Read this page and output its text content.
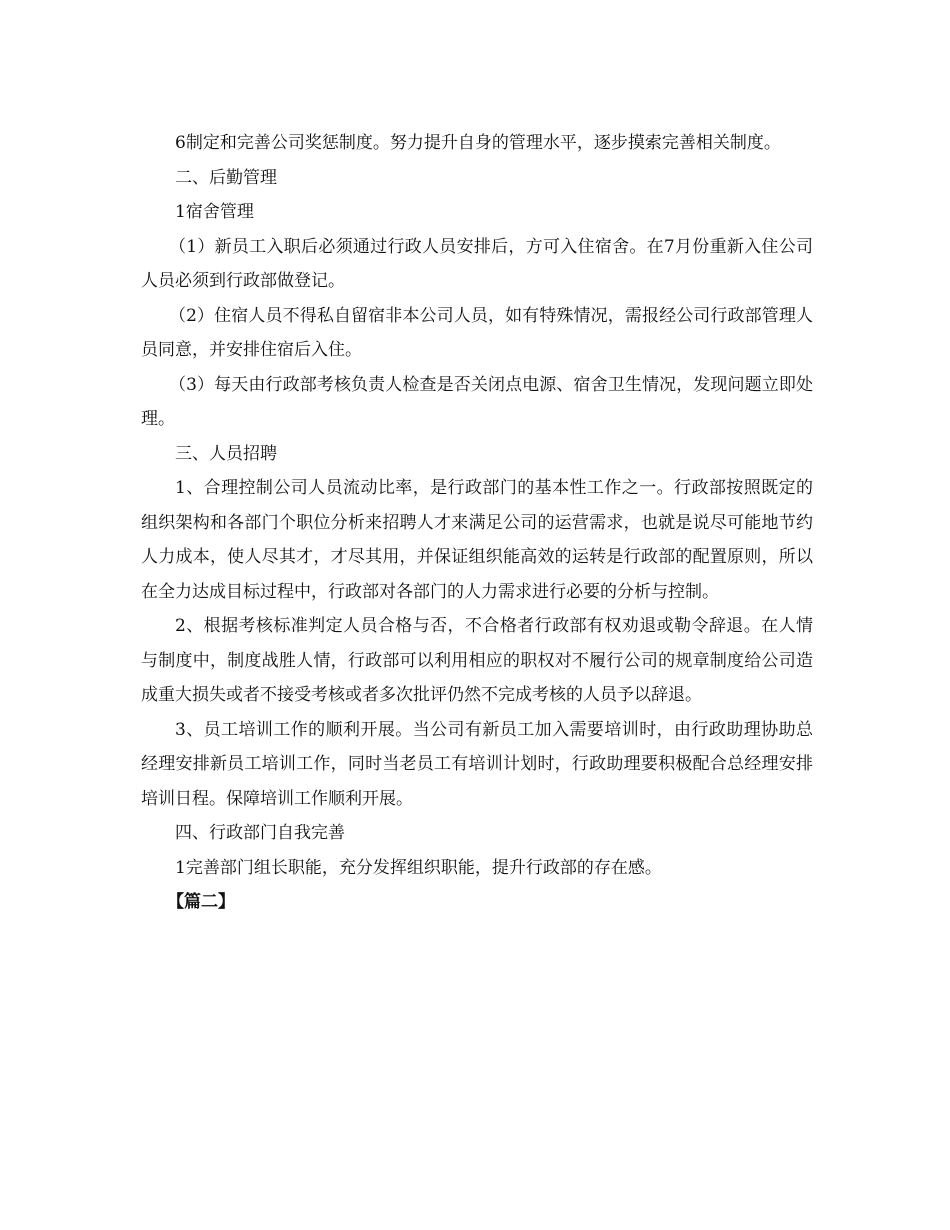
6制定和完善公司奖惩制度。努力提升自身的管理水平，逐步摸索完善相关制度。

二、后勤管理

1宿舍管理

（1）新员工入职后必须通过行政人员安排后，方可入住宿舍。在7月份重新入住公司人员必须到行政部做登记。

（2）住宿人员不得私自留宿非本公司人员，如有特殊情况，需报经公司行政部管理人员同意，并安排住宿后入住。

（3）每天由行政部考核负责人检查是否关闭点电源、宿舍卫生情况，发现问题立即处理。

三、人员招聘

1、合理控制公司人员流动比率，是行政部门的基本性工作之一。行政部按照既定的组织架构和各部门个职位分析来招聘人才来满足公司的运营需求，也就是说尽可能地节约人力成本，使人尽其才，才尽其用，并保证组织能高效的运转是行政部的配置原则，所以在全力达成目标过程中，行政部对各部门的人力需求进行必要的分析与控制。

2、根据考核标准判定人员合格与否，不合格者行政部有权劝退或勒令辞退。在人情与制度中，制度战胜人情，行政部可以利用相应的职权对不履行公司的规章制度给公司造成重大损失或者不接受考核或者多次批评仍然不完成考核的人员予以辞退。

3、员工培训工作的顺利开展。当公司有新员工加入需要培训时，由行政助理协助总经理安排新员工培训工作，同时当老员工有培训计划时，行政助理要积极配合总经理安排培训日程。保障培训工作顺利开展。

四、行政部门自我完善

1完善部门组长职能，充分发挥组织职能，提升行政部的存在感。

【篇二】
